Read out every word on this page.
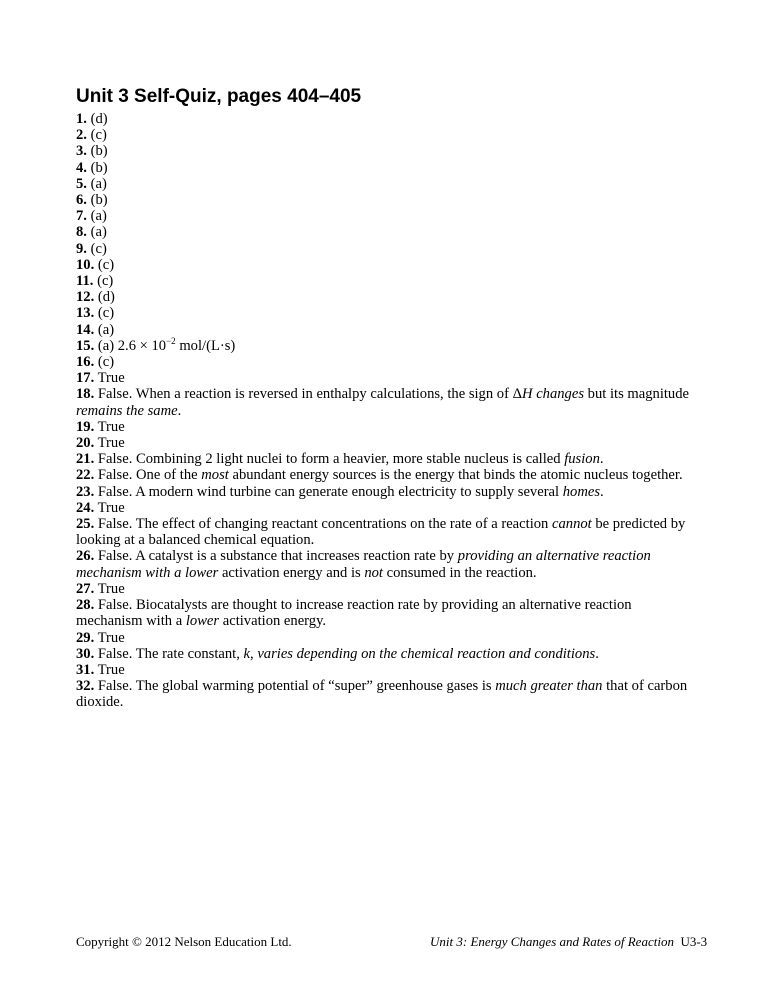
Unit 3 Self-Quiz, pages 404–405

1. (d)

2. (c)

3. (b)

4. (b)

5. (a)

6. (b)

7. (a)

8. (a)

9. (c)

10. (c)

11. (c)

12. (d)

13. (c)

14. (a)

15. (a) $2.6 \times 10^{-2}$ mol/(L·s)

16. (c)

17. True

18. False. When a reaction is reversed in enthalpy calculations, the sign of ΔH changes but its magnitude remains the same.

19. True

20. True

21. False. Combining 2 light nuclei to form a heavier, more stable nucleus is called fusion.

22. False. One of the most abundant energy sources is the energy that binds the atomic nucleus together.

23. False. A modern wind turbine can generate enough electricity to supply several homes.

24. True

25. False. The effect of changing reactant concentrations on the rate of a reaction cannot be predicted by looking at a balanced chemical equation.

26. False. A catalyst is a substance that increases reaction rate by providing an alternative reaction mechanism with a lower activation energy and is not consumed in the reaction.

27. True

28. False. Biocatalysts are thought to increase reaction rate by providing an alternative reaction mechanism with a lower activation energy.

29. True

30. False. The rate constant, k, varies depending on the chemical reaction and conditions.

31. True

32. False. The global warming potential of “super” greenhouse gases is much greater than that of carbon dioxide.

Copyright © 2012 Nelson Education Ltd.	Unit 3: Energy Changes and Rates of Reaction U3-3
